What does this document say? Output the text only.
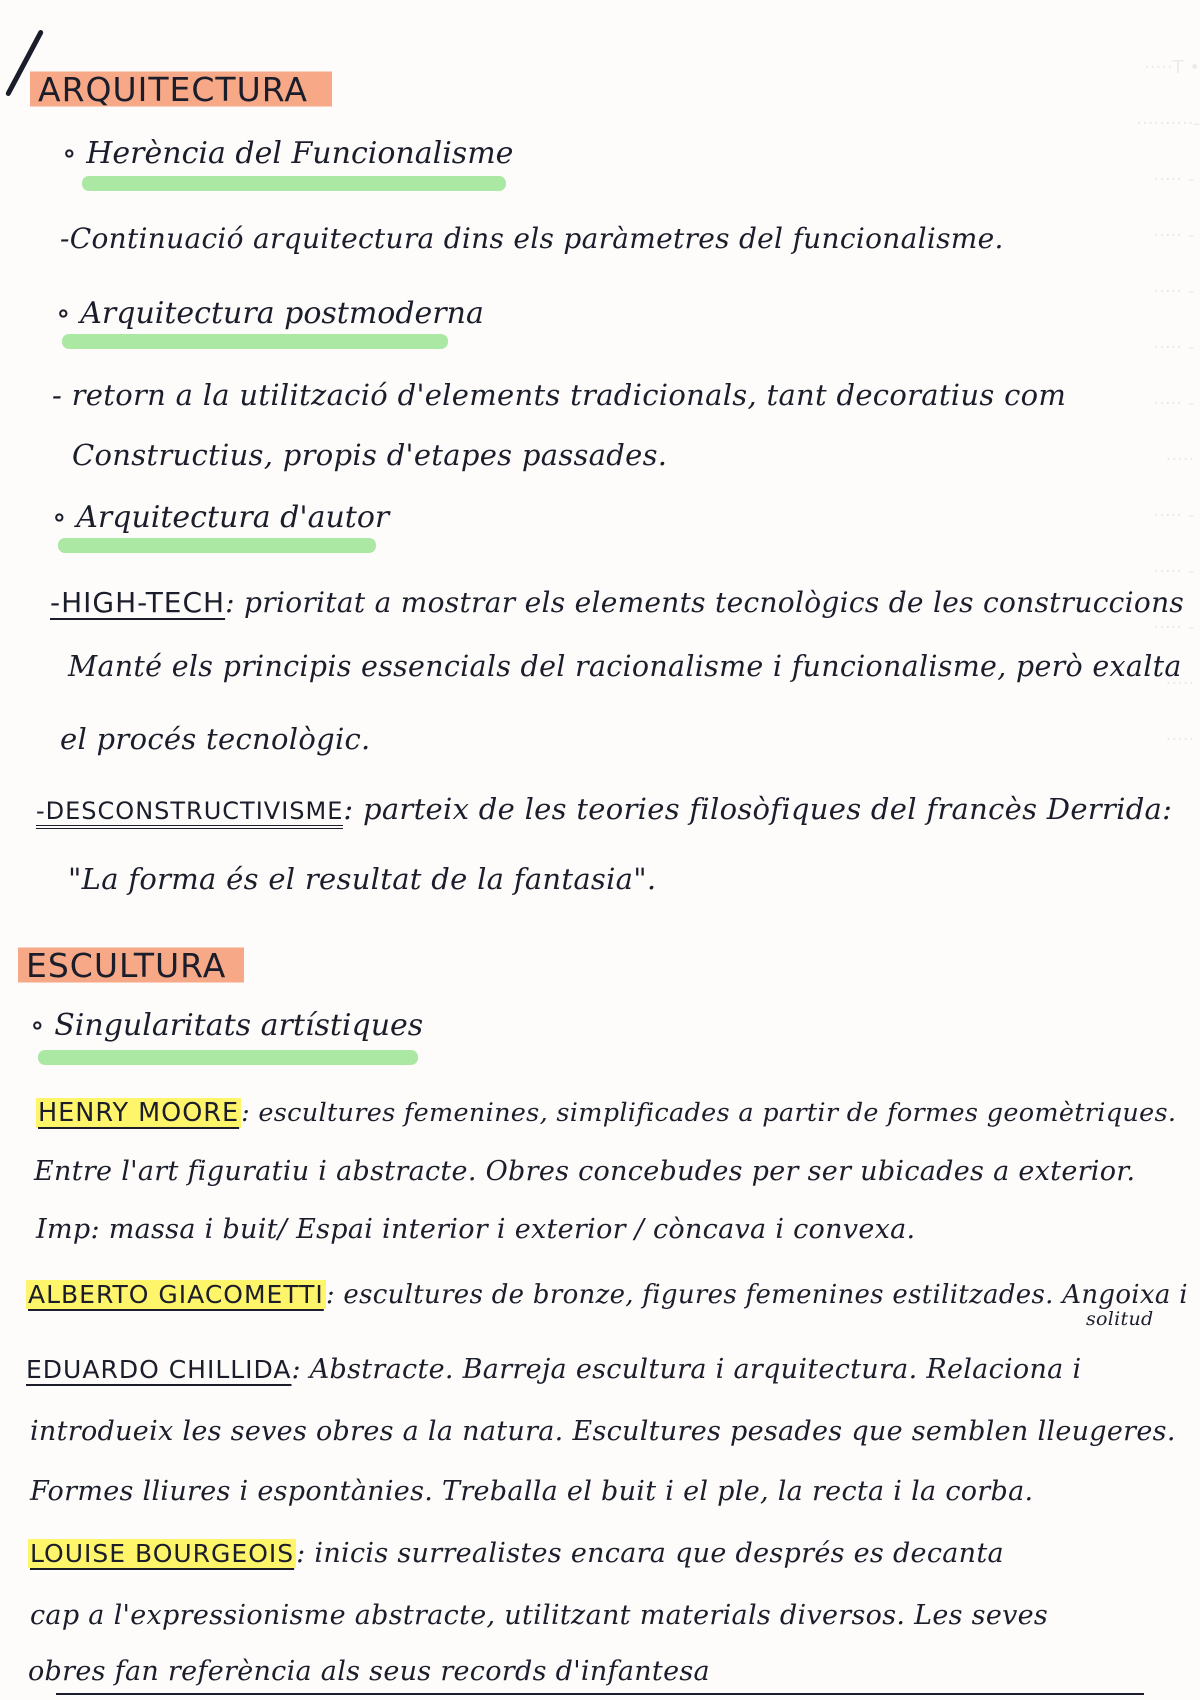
• T·····
-··········
- ·····
- ·····
- ·····
- ·····
- ·····
·····
- ·····
- ·····
- ·····
·····
·····
ARQUITECTURA
∘ Herència del Funcionalisme
-Continuació arquitectura dins els paràmetres del funcionalisme.
∘ Arquitectura postmoderna
- retorn a la utilització d'elements tradicionals, tant decoratius com
Constructius, propis d'etapes passades.
∘ Arquitectura d'autor
-HIGH-TECH: prioritat a mostrar els elements tecnològics de les construccions
Manté els principis essencials del racionalisme i funcionalisme, però exalta
el procés tecnològic.
-DESCONSTRUCTIVISME: parteix de les teories filosòfiques del francès Derrida:
"La forma és el resultat de la fantasia".
ESCULTURA
∘ Singularitats artístiques
HENRY MOORE: escultures femenines, simplificades a partir de formes geomètriques.
Entre l'art figuratiu i abstracte. Obres concebudes per ser ubicades a exterior.
Imp: massa i buit/ Espai interior i exterior / còncava i convexa.
ALBERTO GIACOMETTI: escultures de bronze, figures femenines estilitzades. Angoixa i
solitud
EDUARDO CHILLIDA: Abstracte. Barreja escultura i arquitectura. Relaciona i
introdueix les seves obres a la natura. Escultures pesades que semblen lleugeres.
Formes lliures i espontànies. Treballa el buit i el ple, la recta i la corba.
LOUISE BOURGEOIS: inicis surrealistes encara que després es decanta
cap a l'expressionisme abstracte, utilitzant materials diversos. Les seves
obres fan referència als seus records d'infantesa
